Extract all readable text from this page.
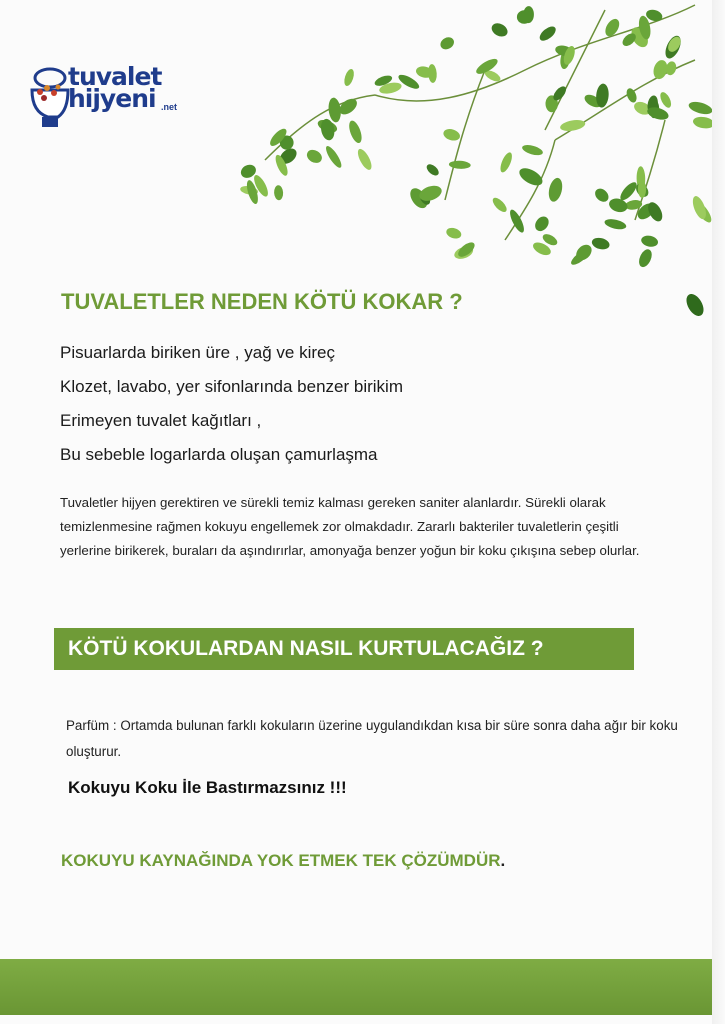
tuvalet
hijyeni .net
TUVALETLER NEDEN KÖTÜ KOKAR ?
Pisuarlarda biriken üre , yağ ve kireç
Klozet, lavabo, yer sifonlarında benzer birikim
Erimeyen tuvalet kağıtları ,
Bu sebeble logarlarda oluşan çamurlaşma

Tuvaletler hijyen gerektiren ve sürekli temiz kalması gereken saniter alanlardır. Sürekli olarak temizlenmesine rağmen kokuyu engellemek zor olmakdadır. Zararlı bakteriler tuvaletlerin çeşitli yerlerine birikerek, buraları da aşındırırlar, amonyağa benzer yoğun bir koku çıkışına sebep olurlar.

KÖTÜ KOKULARDAN NASIL KURTULACAĞIZ ?

Parfüm : Ortamda bulunan farklı kokuların üzerine uygulandıkdan kısa bir süre sonra daha ağır bir koku oluşturur.

Kokuyu Koku İle Bastırmazsınız !!!
KOKUYU KAYNAĞINDA YOK ETMEK TEK ÇÖZÜMDÜR.
